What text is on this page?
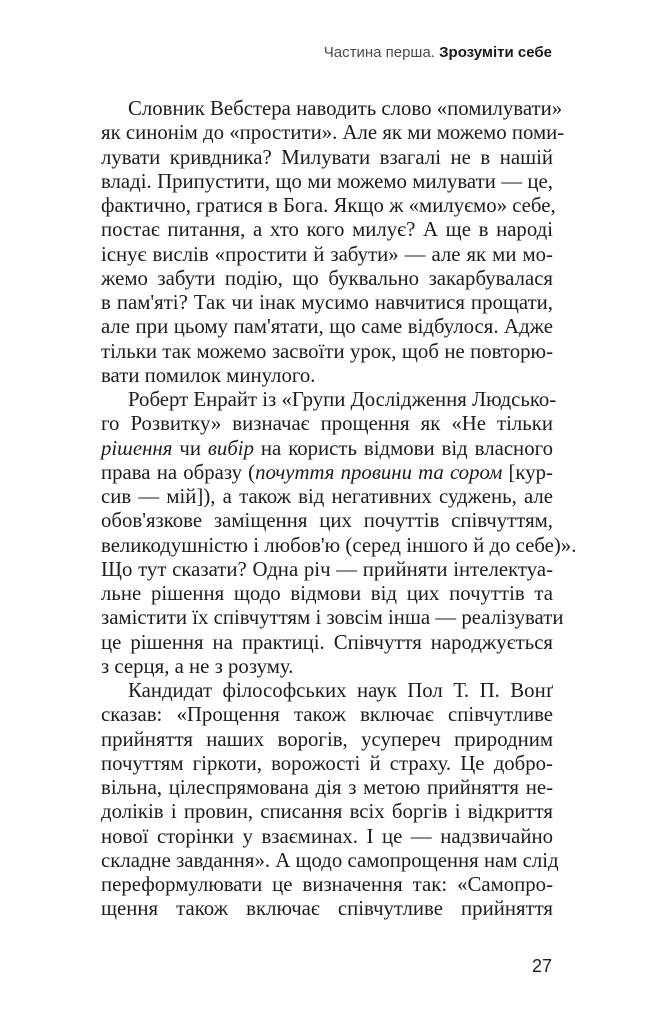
Частина перша. Зрозуміти себе
Словник Вебстера наводить слово «помилувати»
як синонім до «простити». Але як ми можемо поми-
лувати кривдника? Милувати взагалі не в нашій
владі. Припустити, що ми можемо милувати — це,
фактично, гратися в Бога. Якщо ж «милуємо» себе,
постає питання, а хто кого милує? А ще в народі
існує вислів «простити й забути» — але як ми мо-
жемо забути подію, що буквально закарбувалася
в пам'яті? Так чи інак мусимо навчитися прощати,
але при цьому пам'ятати, що саме відбулося. Адже
тільки так можемо засвоїти урок, щоб не повторю-
вати помилок минулого.
Роберт Енрайт із «Групи Дослідження Людсько-
го Розвитку» визначає прощення як «Не тільки
рішення чи вибір на користь відмови від власного
права на образу (почуття провини та сором [кур-
сив — мій]), а також від негативних суджень, але
обов'язкове заміщення цих почуттів співчуттям,
великодушністю і любов'ю (серед іншого й до себе)».
Що тут сказати? Одна річ — прийняти інтелектуа-
льне рішення щодо відмови від цих почуттів та
замістити їх співчуттям і зовсім інша — реалізувати
це рішення на практиці. Співчуття народжується
з серця, а не з розуму.
Кандидат філософських наук Пол Т. П. Вонґ
сказав: «Прощення також включає співчутливе
прийняття наших ворогів, усупереч природним
почуттям гіркоти, ворожості й страху. Це добро-
вільна, цілеспрямована дія з метою прийняття не-
доліків і провин, списання всіх боргів і відкриття
нової сторінки у взаєминах. І це — надзвичайно
складне завдання». А щодо самопрощення нам слід
переформулювати це визначення так: «Самопро-
щення також включає співчутливе прийняття
27
